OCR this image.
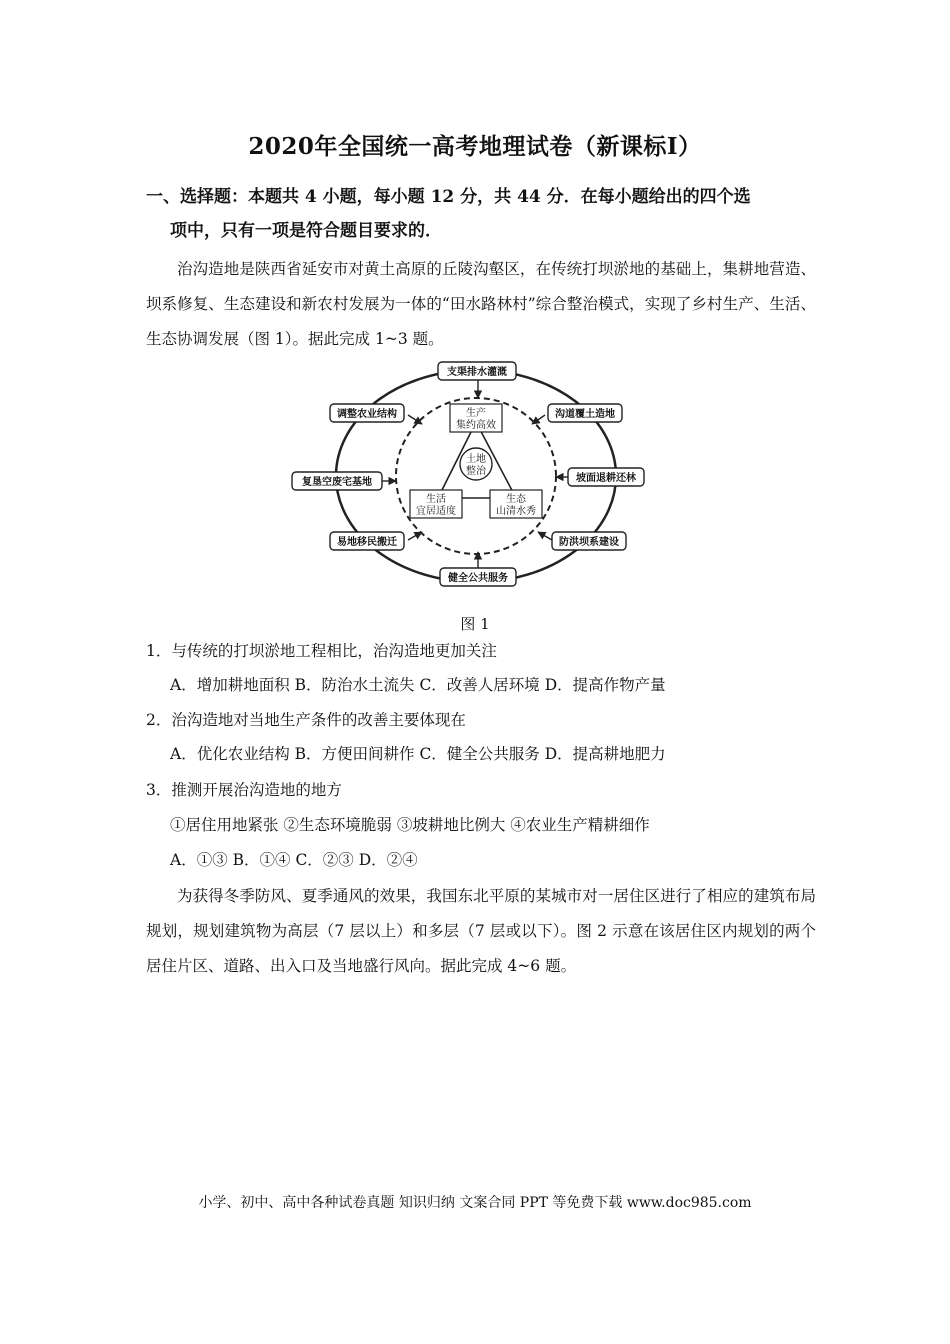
2020年全国统一高考地理试卷（新课标Ⅰ）
一、选择题：本题共 4 小题，每小题 12 分，共 44 分．在每小题给出的四个选
项中，只有一项是符合题目要求的．
治沟造地是陕西省延安市对黄土高原的丘陵沟壑区，在传统打坝淤地的基础上，集耕地营造、坝系修复、生态建设和新农村发展为一体的“田水路林村”综合整治模式，实现了乡村生产、生活、生态协调发展（图 1）。据此完成 1~3 题。
支渠排水灌溉
沟道覆土造地
坡面退耕还林
防洪坝系建设
健全公共服务
易地移民搬迁
复垦空废宅基地
调整农业结构	生产
集约高效
生活
宜居适度
生态
山清水秀
土地
整治
图 1
1．与传统的打坝淤地工程相比，治沟造地更加关注
A．增加耕地面积 B．防治水土流失 C．改善人居环境 D．提高作物产量
2．治沟造地对当地生产条件的改善主要体现在
A．优化农业结构 B．方便田间耕作 C．健全公共服务 D．提高耕地肥力
3．推测开展治沟造地的地方
①居住用地紧张 ②生态环境脆弱 ③坡耕地比例大 ④农业生产精耕细作
A．①③ B．①④ C．②③ D．②④
为获得冬季防风、夏季通风的效果，我国东北平原的某城市对一居住区进行了相应的建筑布局规划，规划建筑物为高层（7 层以上）和多层（7 层或以下）。图 2 示意在该居住区内规划的两个居住片区、道路、出入口及当地盛行风向。据此完成 4~6 题。
小学、初中、高中各种试卷真题 知识归纳 文案合同 PPT 等免费下载 www.doc985.com
